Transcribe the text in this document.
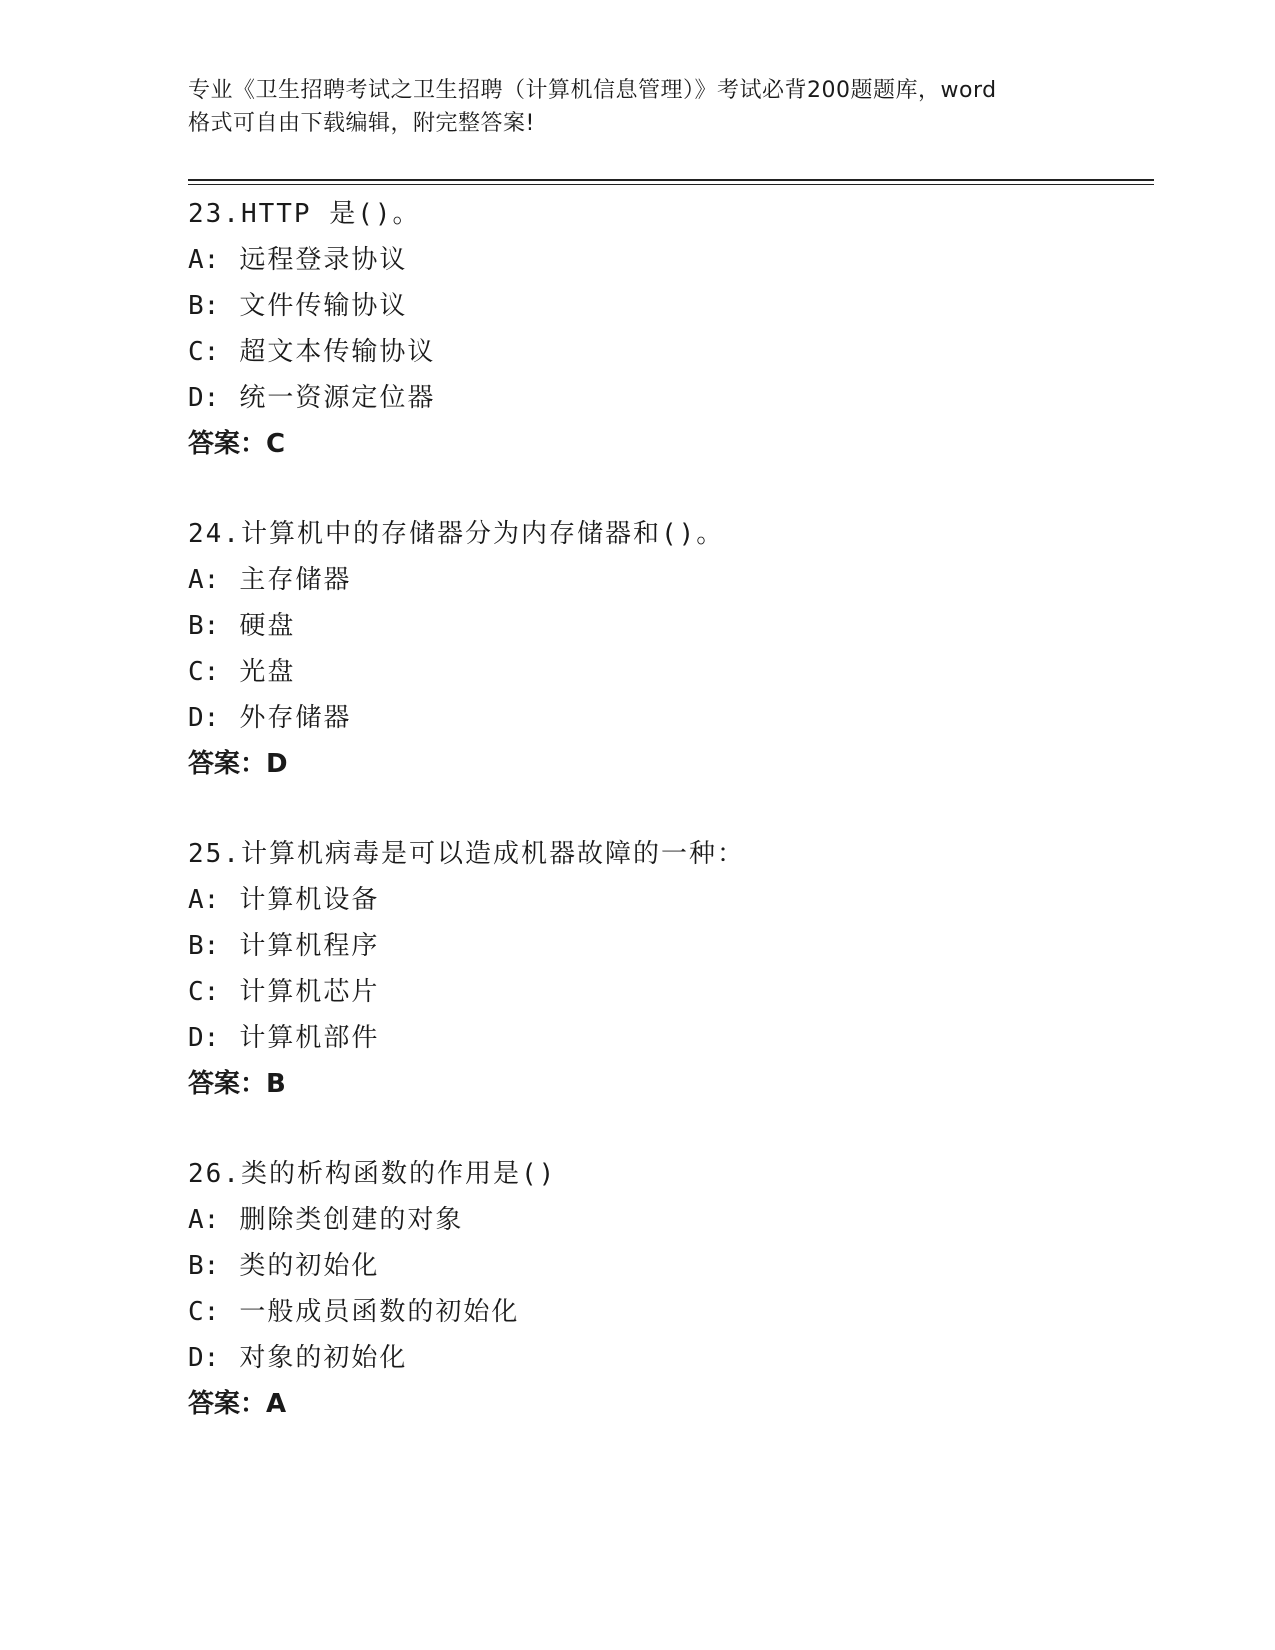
专业《卫生招聘考试之卫生招聘（计算机信息管理）》考试必背200题题库，word
格式可自由下载编辑，附完整答案!
23.HTTP 是()。
A: 远程登录协议
B: 文件传输协议
C: 超文本传输协议
D: 统一资源定位器
答案：C
24.计算机中的存储器分为内存储器和()。
A: 主存储器
B: 硬盘
C: 光盘
D: 外存储器
答案：D
25.计算机病毒是可以造成机器故障的一种：
A: 计算机设备
B: 计算机程序
C: 计算机芯片
D: 计算机部件
答案：B
26.类的析构函数的作用是()
A: 删除类创建的对象
B: 类的初始化
C: 一般成员函数的初始化
D: 对象的初始化
答案：A
